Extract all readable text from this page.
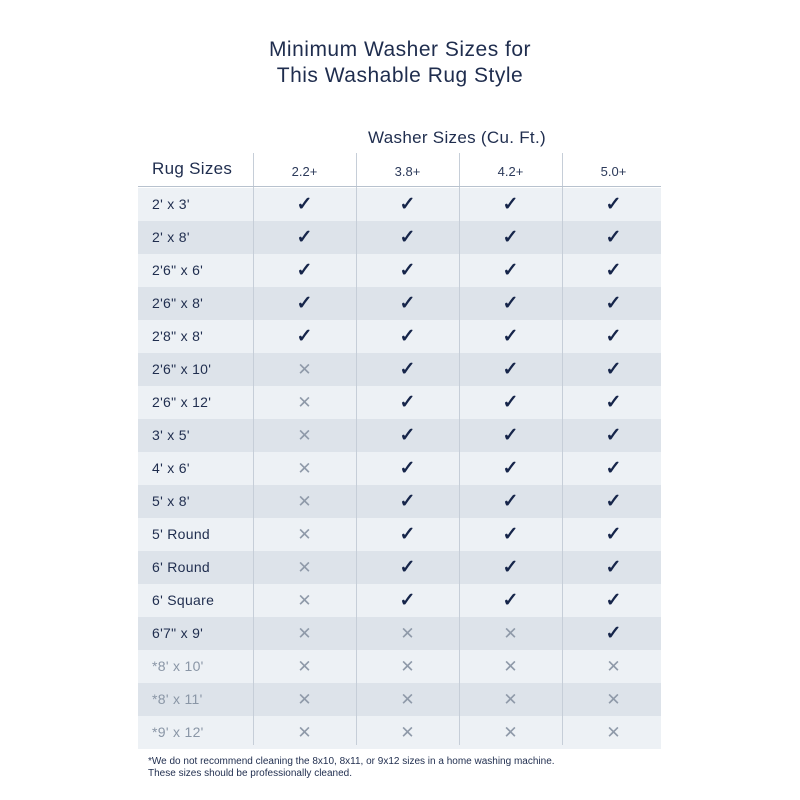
Minimum Washer Sizes for
This Washable Rug Style
Washer Sizes (Cu. Ft.)
Rug Sizes	2.2+	3.8+	4.2+	5.0+
2' x 3'	✓	✓	✓	✓
2' x 8'	✓	✓	✓	✓
2'6" x 6'	✓	✓	✓	✓
2'6" x 8'	✓	✓	✓	✓
2'8" x 8'	✓	✓	✓	✓
2'6" x 10'	✕	✓	✓	✓
2'6" x 12'	✕	✓	✓	✓
3' x 5'	✕	✓	✓	✓
4' x 6'	✕	✓	✓	✓
5' x 8'	✕	✓	✓	✓
5' Round	✕	✓	✓	✓
6' Round	✕	✓	✓	✓
6' Square	✕	✓	✓	✓
6'7" x 9'	✕	✕	✕	✓
*8' x 10'	✕	✕	✕	✕
*8' x 11'	✕	✕	✕	✕
*9' x 12'	✕	✕	✕	✕
*We do not recommend cleaning the 8x10, 8x11, or 9x12 sizes in a home washing machine.
These sizes should be professionally cleaned.
